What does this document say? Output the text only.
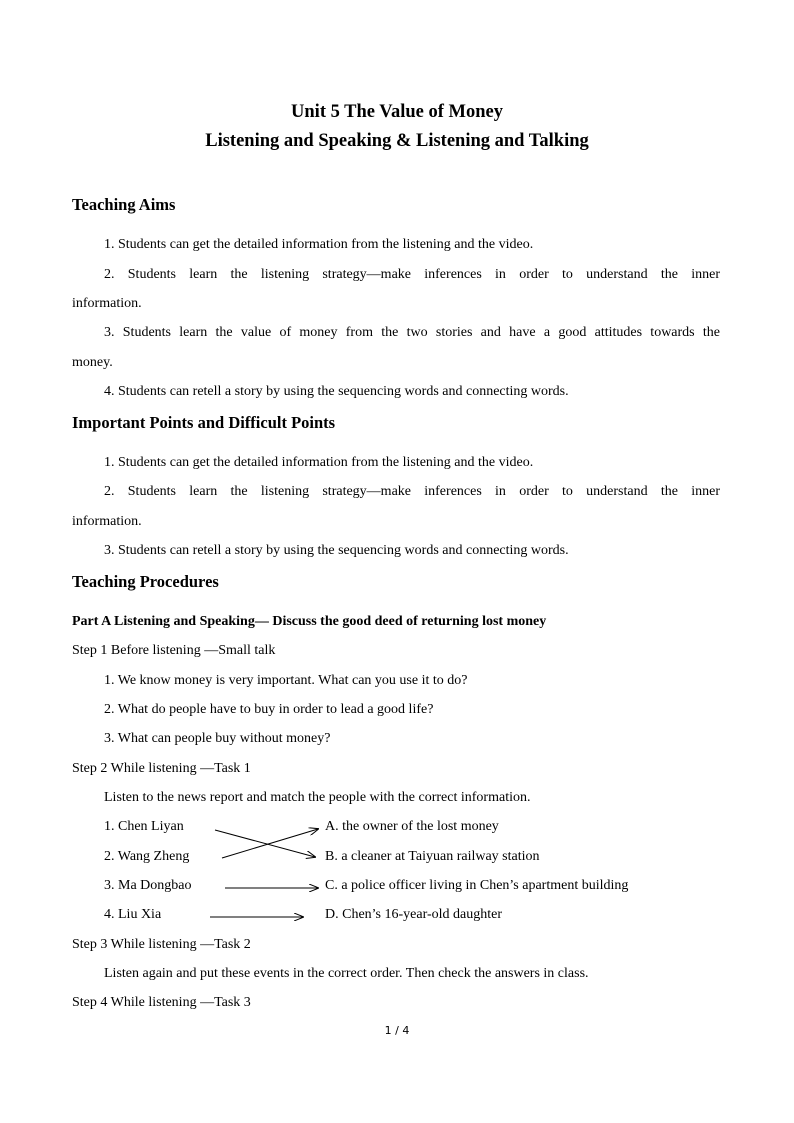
Unit 5 The Value of Money
Listening and Speaking & Listening and Talking
Teaching Aims
1. Students can get the detailed information from the listening and the video.
2. Students learn the listening strategy—make inferences in order to understand the inner
information.
3. Students learn the value of money from the two stories and have a good attitudes towards the
money.
4. Students can retell a story by using the sequencing words and connecting words.
Important Points and Difficult Points
1. Students can get the detailed information from the listening and the video.
2. Students learn the listening strategy—make inferences in order to understand the inner
information.
3. Students can retell a story by using the sequencing words and connecting words.
Teaching Procedures
Part A Listening and Speaking— Discuss the good deed of returning lost money
Step 1 Before listening —Small talk
1. We know money is very important. What can you use it to do?
2. What do people have to buy in order to lead a good life?
3. What can people buy without money?
Step 2 While listening —Task 1
Listen to the news report and match the people with the correct information.
1. Chen Liyan
2. Wang Zheng
3. Ma Dongbao
4. Liu Xia
A. the owner of the lost money
B. a cleaner at Taiyuan railway station
C. a police officer living in Chen’s apartment building
D. Chen’s 16-year-old daughter
Step 3 While listening —Task 2
Listen again and put these events in the correct order. Then check the answers in class.
Step 4 While listening —Task 3
1 / 4
